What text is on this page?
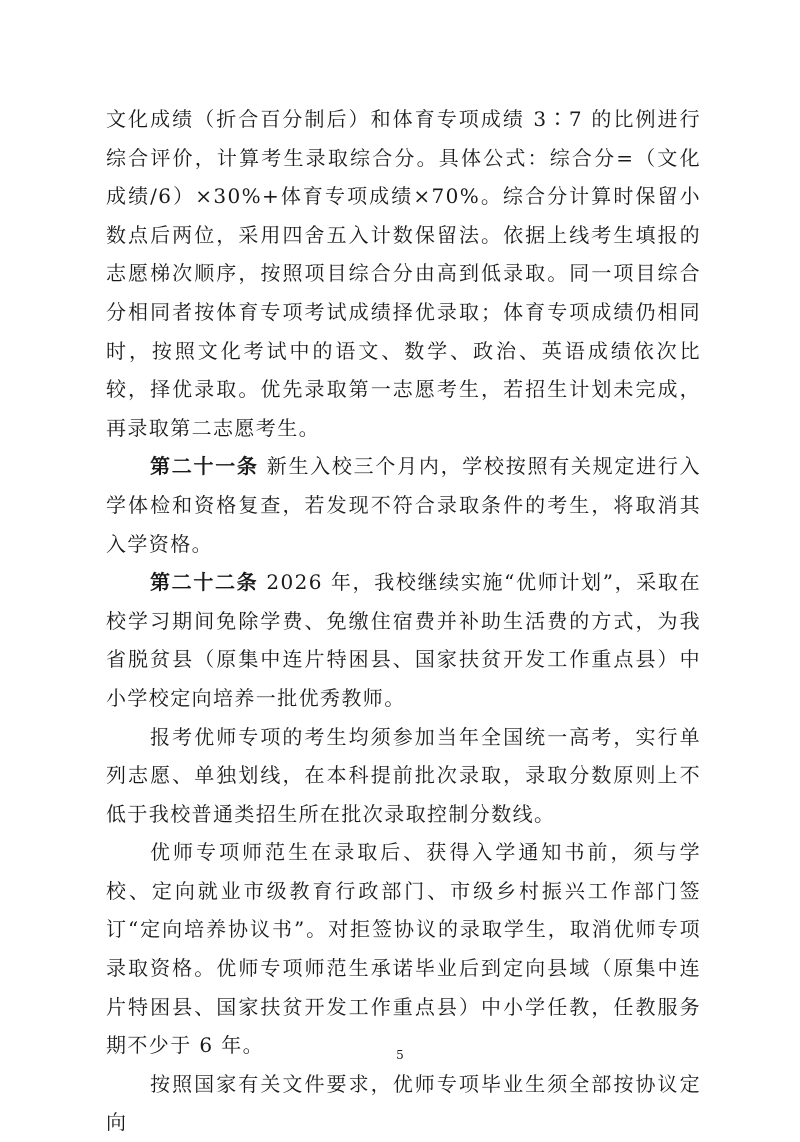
文化成绩（折合百分制后）和体育专项成绩 3∶7 的比例进行综合评价，计算考生录取综合分。具体公式：综合分=（文化成绩/6）×30%+体育专项成绩×70%。综合分计算时保留小数点后两位，采用四舍五入计数保留法。依据上线考生填报的志愿梯次顺序，按照项目综合分由高到低录取。同一项目综合分相同者按体育专项考试成绩择优录取；体育专项成绩仍相同时，按照文化考试中的语文、数学、政治、英语成绩依次比较，择优录取。优先录取第一志愿考生，若招生计划未完成，再录取第二志愿考生。

第二十一条 新生入校三个月内，学校按照有关规定进行入学体检和资格复查，若发现不符合录取条件的考生，将取消其入学资格。

第二十二条 2026 年，我校继续实施“优师计划”，采取在校学习期间免除学费、免缴住宿费并补助生活费的方式，为我省脱贫县（原集中连片特困县、国家扶贫开发工作重点县）中小学校定向培养一批优秀教师。

报考优师专项的考生均须参加当年全国统一高考，实行单列志愿、单独划线，在本科提前批次录取，录取分数原则上不低于我校普通类招生所在批次录取控制分数线。

优师专项师范生在录取后、获得入学通知书前，须与学校、定向就业市级教育行政部门、市级乡村振兴工作部门签订“定向培养协议书”。对拒签协议的录取学生，取消优师专项录取资格。优师专项师范生承诺毕业后到定向县域（原集中连片特困县、国家扶贫开发工作重点县）中小学任教，任教服务期不少于 6 年。

按照国家有关文件要求，优师专项毕业生须全部按协议定向

5
